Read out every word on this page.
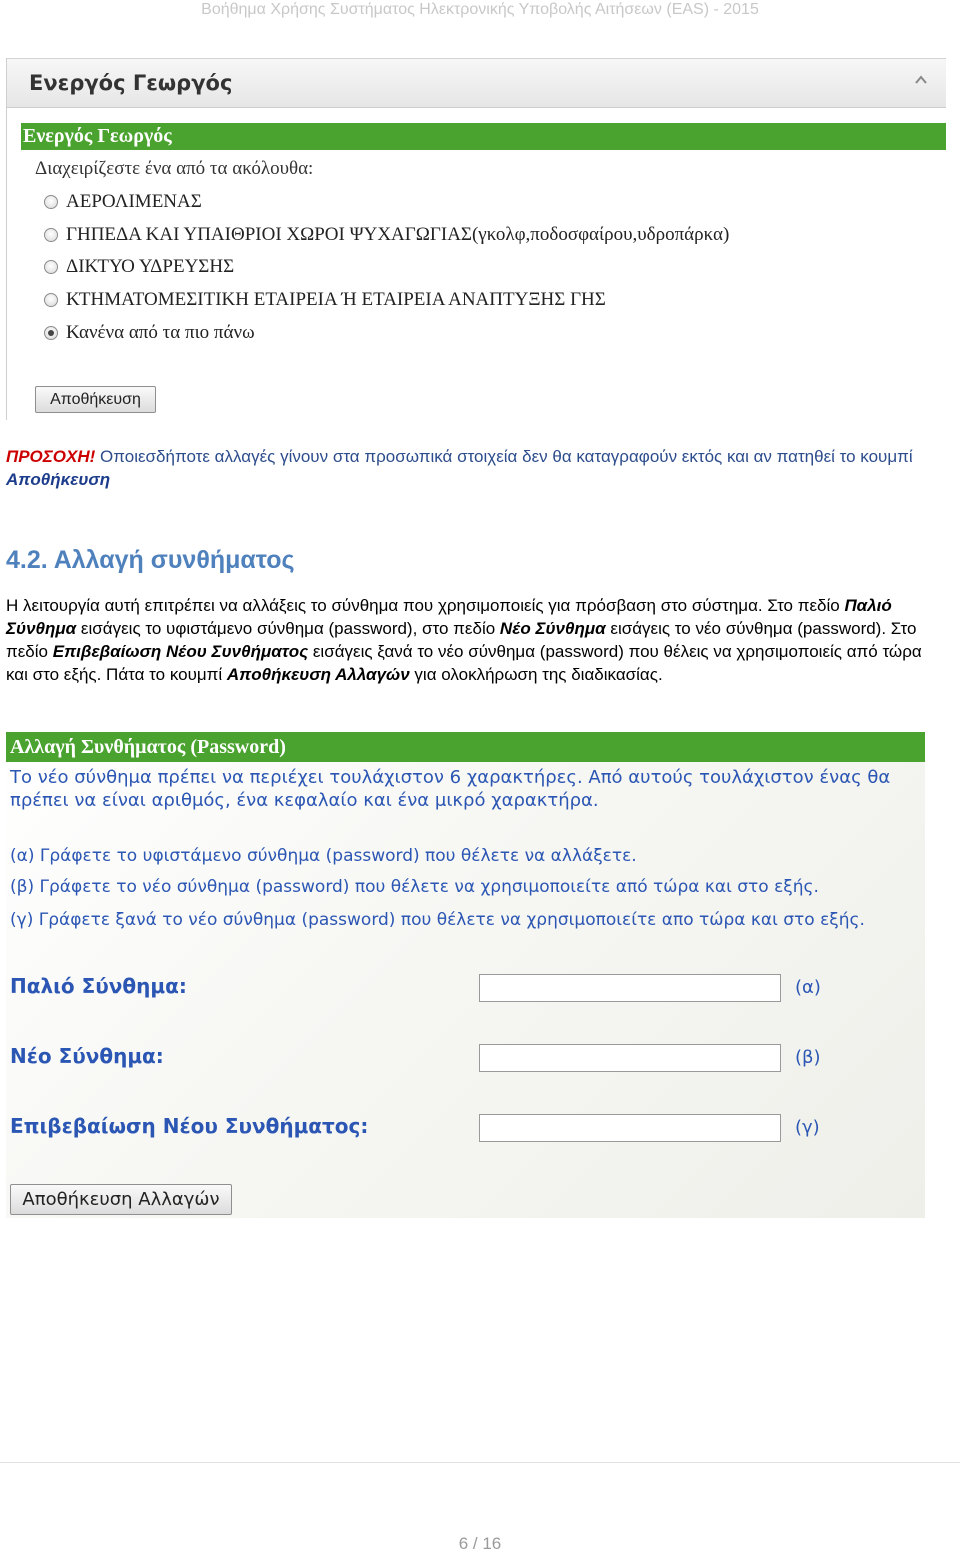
Βοήθημα Χρήσης Συστήματος Ηλεκτρονικής Υποβολής Αιτήσεων (EAS) - 2015
Ενεργός Γεωργός
Ενεργός Γεωργός
Διαχειρίζεστε ένα από τα ακόλουθα:
ΑΕΡΟΛΙΜΕΝΑΣ
ΓΗΠΕΔΑ ΚΑΙ ΥΠΑΙΘΡΙΟΙ ΧΩΡΟΙ ΨΥΧΑΓΩΓΙΑΣ(γκολφ,ποδοσφαίρου,υδροπάρκα)
ΔΙΚΤΥΟ ΥΔΡΕΥΣΗΣ
ΚΤΗΜΑΤΟΜΕΣΙΤΙΚΗ ΕΤΑΙΡΕΙΑ Ή ΕΤΑΙΡΕΙΑ ΑΝΑΠΤΥΞΗΣ ΓΗΣ
Κανένα από τα πιο πάνω
Αποθήκευση
ΠΡΟΣΟΧΗ! Οποιεσδήποτε αλλαγές γίνουν στα προσωπικά στοιχεία δεν θα καταγραφούν εκτός και αν πατηθεί το κουμπί Αποθήκευση
4.2. Αλλαγή συνθήματος
Η λειτουργία αυτή επιτρέπει να αλλάξεις το σύνθημα που χρησιμοποιείς για πρόσβαση στο σύστημα. Στο πεδίο Παλιό Σύνθημα εισάγεις το υφιστάμενο σύνθημα (password), στο πεδίο Νέο Σύνθημα εισάγεις το νέο σύνθημα (password). Στο πεδίο Επιβεβαίωση Νέου Συνθήματος εισάγεις ξανά το νέο σύνθημα (password) που θέλεις να χρησιμοποιείς από τώρα και στο εξής. Πάτα το κουμπί Αποθήκευση Αλλαγών για ολοκλήρωση της διαδικασίας.
Αλλαγή Συνθήματος (Password)
Το νέο σύνθημα πρέπει να περιέχει τουλάχιστον 6 χαρακτήρες. Από αυτούς τουλάχιστον ένας θα πρέπει να είναι αριθμός, ένα κεφαλαίο και ένα μικρό χαρακτήρα.
(α) Γράφετε το υφιστάμενο σύνθημα (password) που θέλετε να αλλάξετε.
(β) Γράφετε το νέο σύνθημα (password) που θέλετε να χρησιμοποιείτε από τώρα και στο εξής.
(γ) Γράφετε ξανά το νέο σύνθημα (password) που θέλετε να χρησιμοποιείτε απο τώρα και στο εξής.
Παλιό Σύνθημα:	(α)
Νέο Σύνθημα:	(β)
Επιβεβαίωση Νέου Συνθήματος:	(γ)
Αποθήκευση Αλλαγών
6 / 16
